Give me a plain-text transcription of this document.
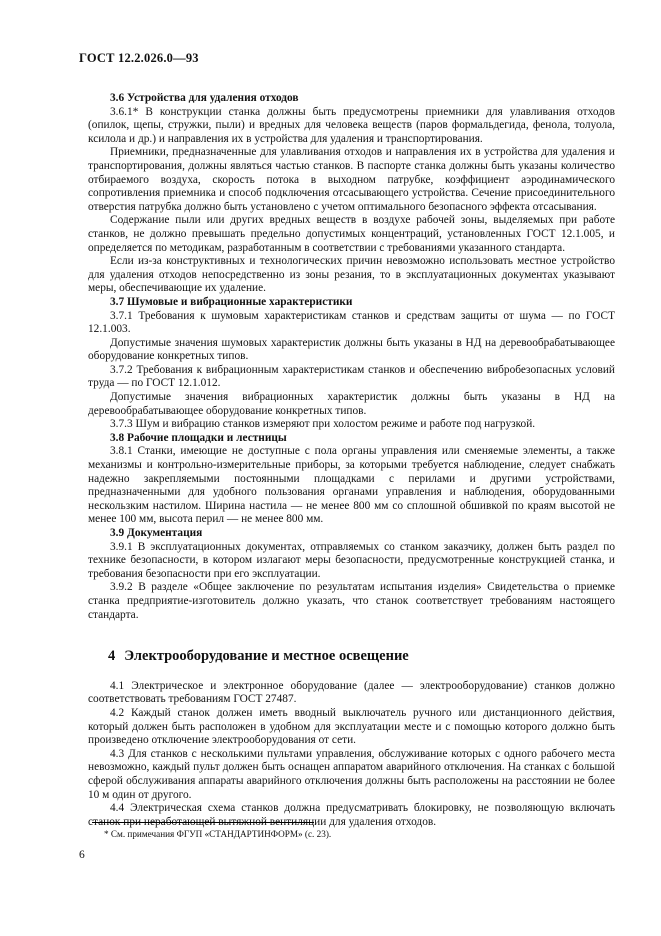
ГОСТ 12.2.026.0—93
3.6 Устройства для удаления отходов

3.6.1* В конструкции станка должны быть предусмотрены приемники для улавливания отходов (опилок, щепы, стружки, пыли) и вредных для человека веществ (паров формальдегида, фенола, толуола, ксилола и др.) и направления их в устройства для удаления и транспортирования.

Приемники, предназначенные для улавливания отходов и направления их в устройства для удаления и транспортирования, должны являться частью станков. В паспорте станка должны быть указаны количество отбираемого воздуха, скорость потока в выходном патрубке, коэффициент аэродинамического сопротивления приемника и способ подключения отсасывающего устройства. Сечение присоединительного отверстия патрубка должно быть установлено с учетом оптимального безопасного эффекта отсасывания.

Содержание пыли или других вредных веществ в воздухе рабочей зоны, выделяемых при работе станков, не должно превышать предельно допустимых концентраций, установленных ГОСТ 12.1.005, и определяется по методикам, разработанным в соответствии с требованиями указанного стандарта.

Если из-за конструктивных и технологических причин невозможно использовать местное устройство для удаления отходов непосредственно из зоны резания, то в эксплуатационных документах указывают меры, обеспечивающие их удаление.

3.7 Шумовые и вибрационные характеристики

3.7.1 Требования к шумовым характеристикам станков и средствам защиты от шума — по ГОСТ 12.1.003.

Допустимые значения шумовых характеристик должны быть указаны в НД на деревообрабатывающее оборудование конкретных типов.

3.7.2 Требования к вибрационным характеристикам станков и обеспечению вибробезопасных условий труда — по ГОСТ 12.1.012.

Допустимые значения вибрационных характеристик должны быть указаны в НД на деревообрабатывающее оборудование конкретных типов.

3.7.3 Шум и вибрацию станков измеряют при холостом режиме и работе под нагрузкой.

3.8 Рабочие площадки и лестницы

3.8.1 Станки, имеющие не доступные с пола органы управления или сменяемые элементы, а также механизмы и контрольно-измерительные приборы, за которыми требуется наблюдение, следует снабжать надежно закрепляемыми постоянными площадками с перилами и другими устройствами, предназначенными для удобного пользования органами управления и наблюдения, оборудованными нескользким настилом. Ширина настила — не менее 800 мм со сплошной обшивкой по краям высотой не менее 100 мм, высота перил — не менее 800 мм.

3.9 Документация

3.9.1 В эксплуатационных документах, отправляемых со станком заказчику, должен быть раздел по технике безопасности, в котором излагают меры безопасности, предусмотренные конструкцией станка, и требования безопасности при его эксплуатации.

3.9.2 В разделе «Общее заключение по результатам испытания изделия» Свидетельства о приемке станка предприятие-изготовитель должно указать, что станок соответствует требованиям настоящего стандарта.

4 Электрооборудование и местное освещение

4.1 Электрическое и электронное оборудование (далее — электрооборудование) станков должно соответствовать требованиям ГОСТ 27487.

4.2 Каждый станок должен иметь вводный выключатель ручного или дистанционного действия, который должен быть расположен в удобном для эксплуатации месте и с помощью которого должно быть произведено отключение электрооборудования от сети.

4.3 Для станков с несколькими пультами управления, обслуживание которых с одного рабочего места невозможно, каждый пульт должен быть оснащен аппаратом аварийного отключения. На станках с большой сферой обслуживания аппараты аварийного отключения должны быть расположены на расстоянии не более 10 м один от другого.

4.4 Электрическая схема станков должна предусматривать блокировку, не позволяющую включать станок при неработающей вытяжной вентиляции для удаления отходов.

* См. примечания ФГУП «СТАНДАРТИНФОРМ» (с. 23).
6
